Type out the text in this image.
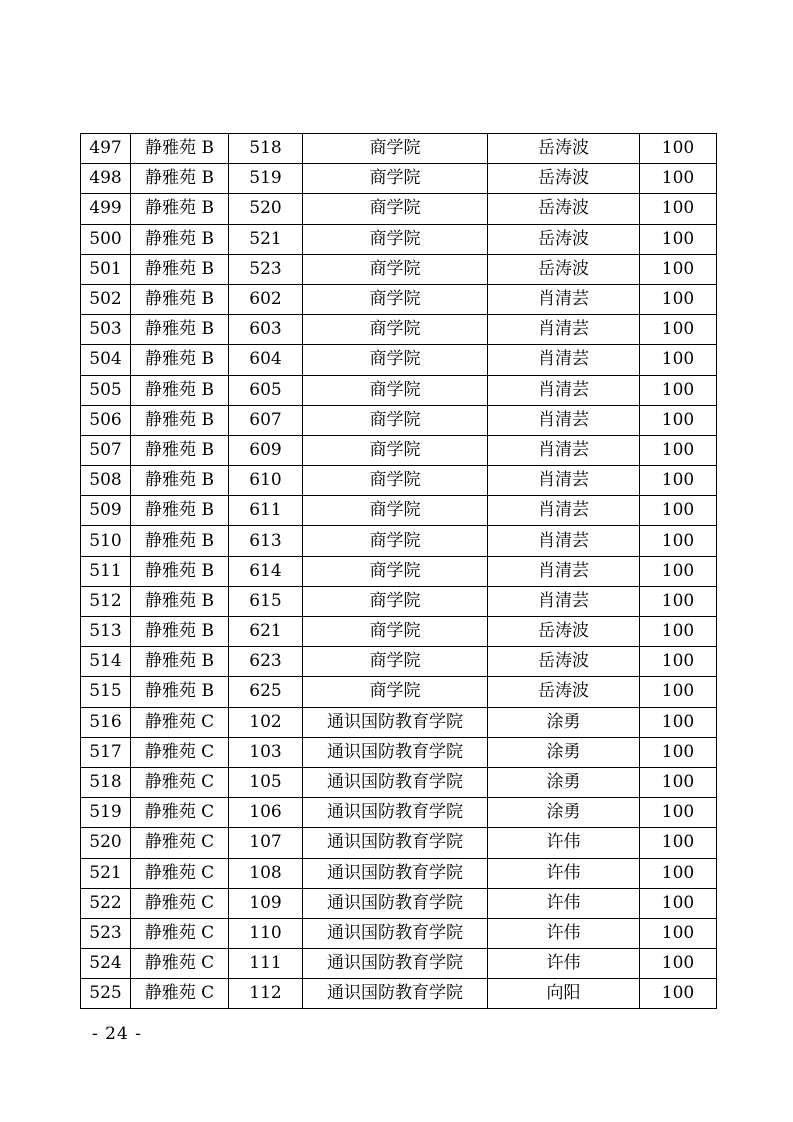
497	静雅苑 B	518	商学院	岳涛波	100
498	静雅苑 B	519	商学院	岳涛波	100
499	静雅苑 B	520	商学院	岳涛波	100
500	静雅苑 B	521	商学院	岳涛波	100
501	静雅苑 B	523	商学院	岳涛波	100
502	静雅苑 B	602	商学院	肖清芸	100
503	静雅苑 B	603	商学院	肖清芸	100
504	静雅苑 B	604	商学院	肖清芸	100
505	静雅苑 B	605	商学院	肖清芸	100
506	静雅苑 B	607	商学院	肖清芸	100
507	静雅苑 B	609	商学院	肖清芸	100
508	静雅苑 B	610	商学院	肖清芸	100
509	静雅苑 B	611	商学院	肖清芸	100
510	静雅苑 B	613	商学院	肖清芸	100
511	静雅苑 B	614	商学院	肖清芸	100
512	静雅苑 B	615	商学院	肖清芸	100
513	静雅苑 B	621	商学院	岳涛波	100
514	静雅苑 B	623	商学院	岳涛波	100
515	静雅苑 B	625	商学院	岳涛波	100
516	静雅苑 C	102	通识国防教育学院	涂勇	100
517	静雅苑 C	103	通识国防教育学院	涂勇	100
518	静雅苑 C	105	通识国防教育学院	涂勇	100
519	静雅苑 C	106	通识国防教育学院	涂勇	100
520	静雅苑 C	107	通识国防教育学院	许伟	100
521	静雅苑 C	108	通识国防教育学院	许伟	100
522	静雅苑 C	109	通识国防教育学院	许伟	100
523	静雅苑 C	110	通识国防教育学院	许伟	100
524	静雅苑 C	111	通识国防教育学院	许伟	100
525	静雅苑 C	112	通识国防教育学院	向阳	100
- 24 -
